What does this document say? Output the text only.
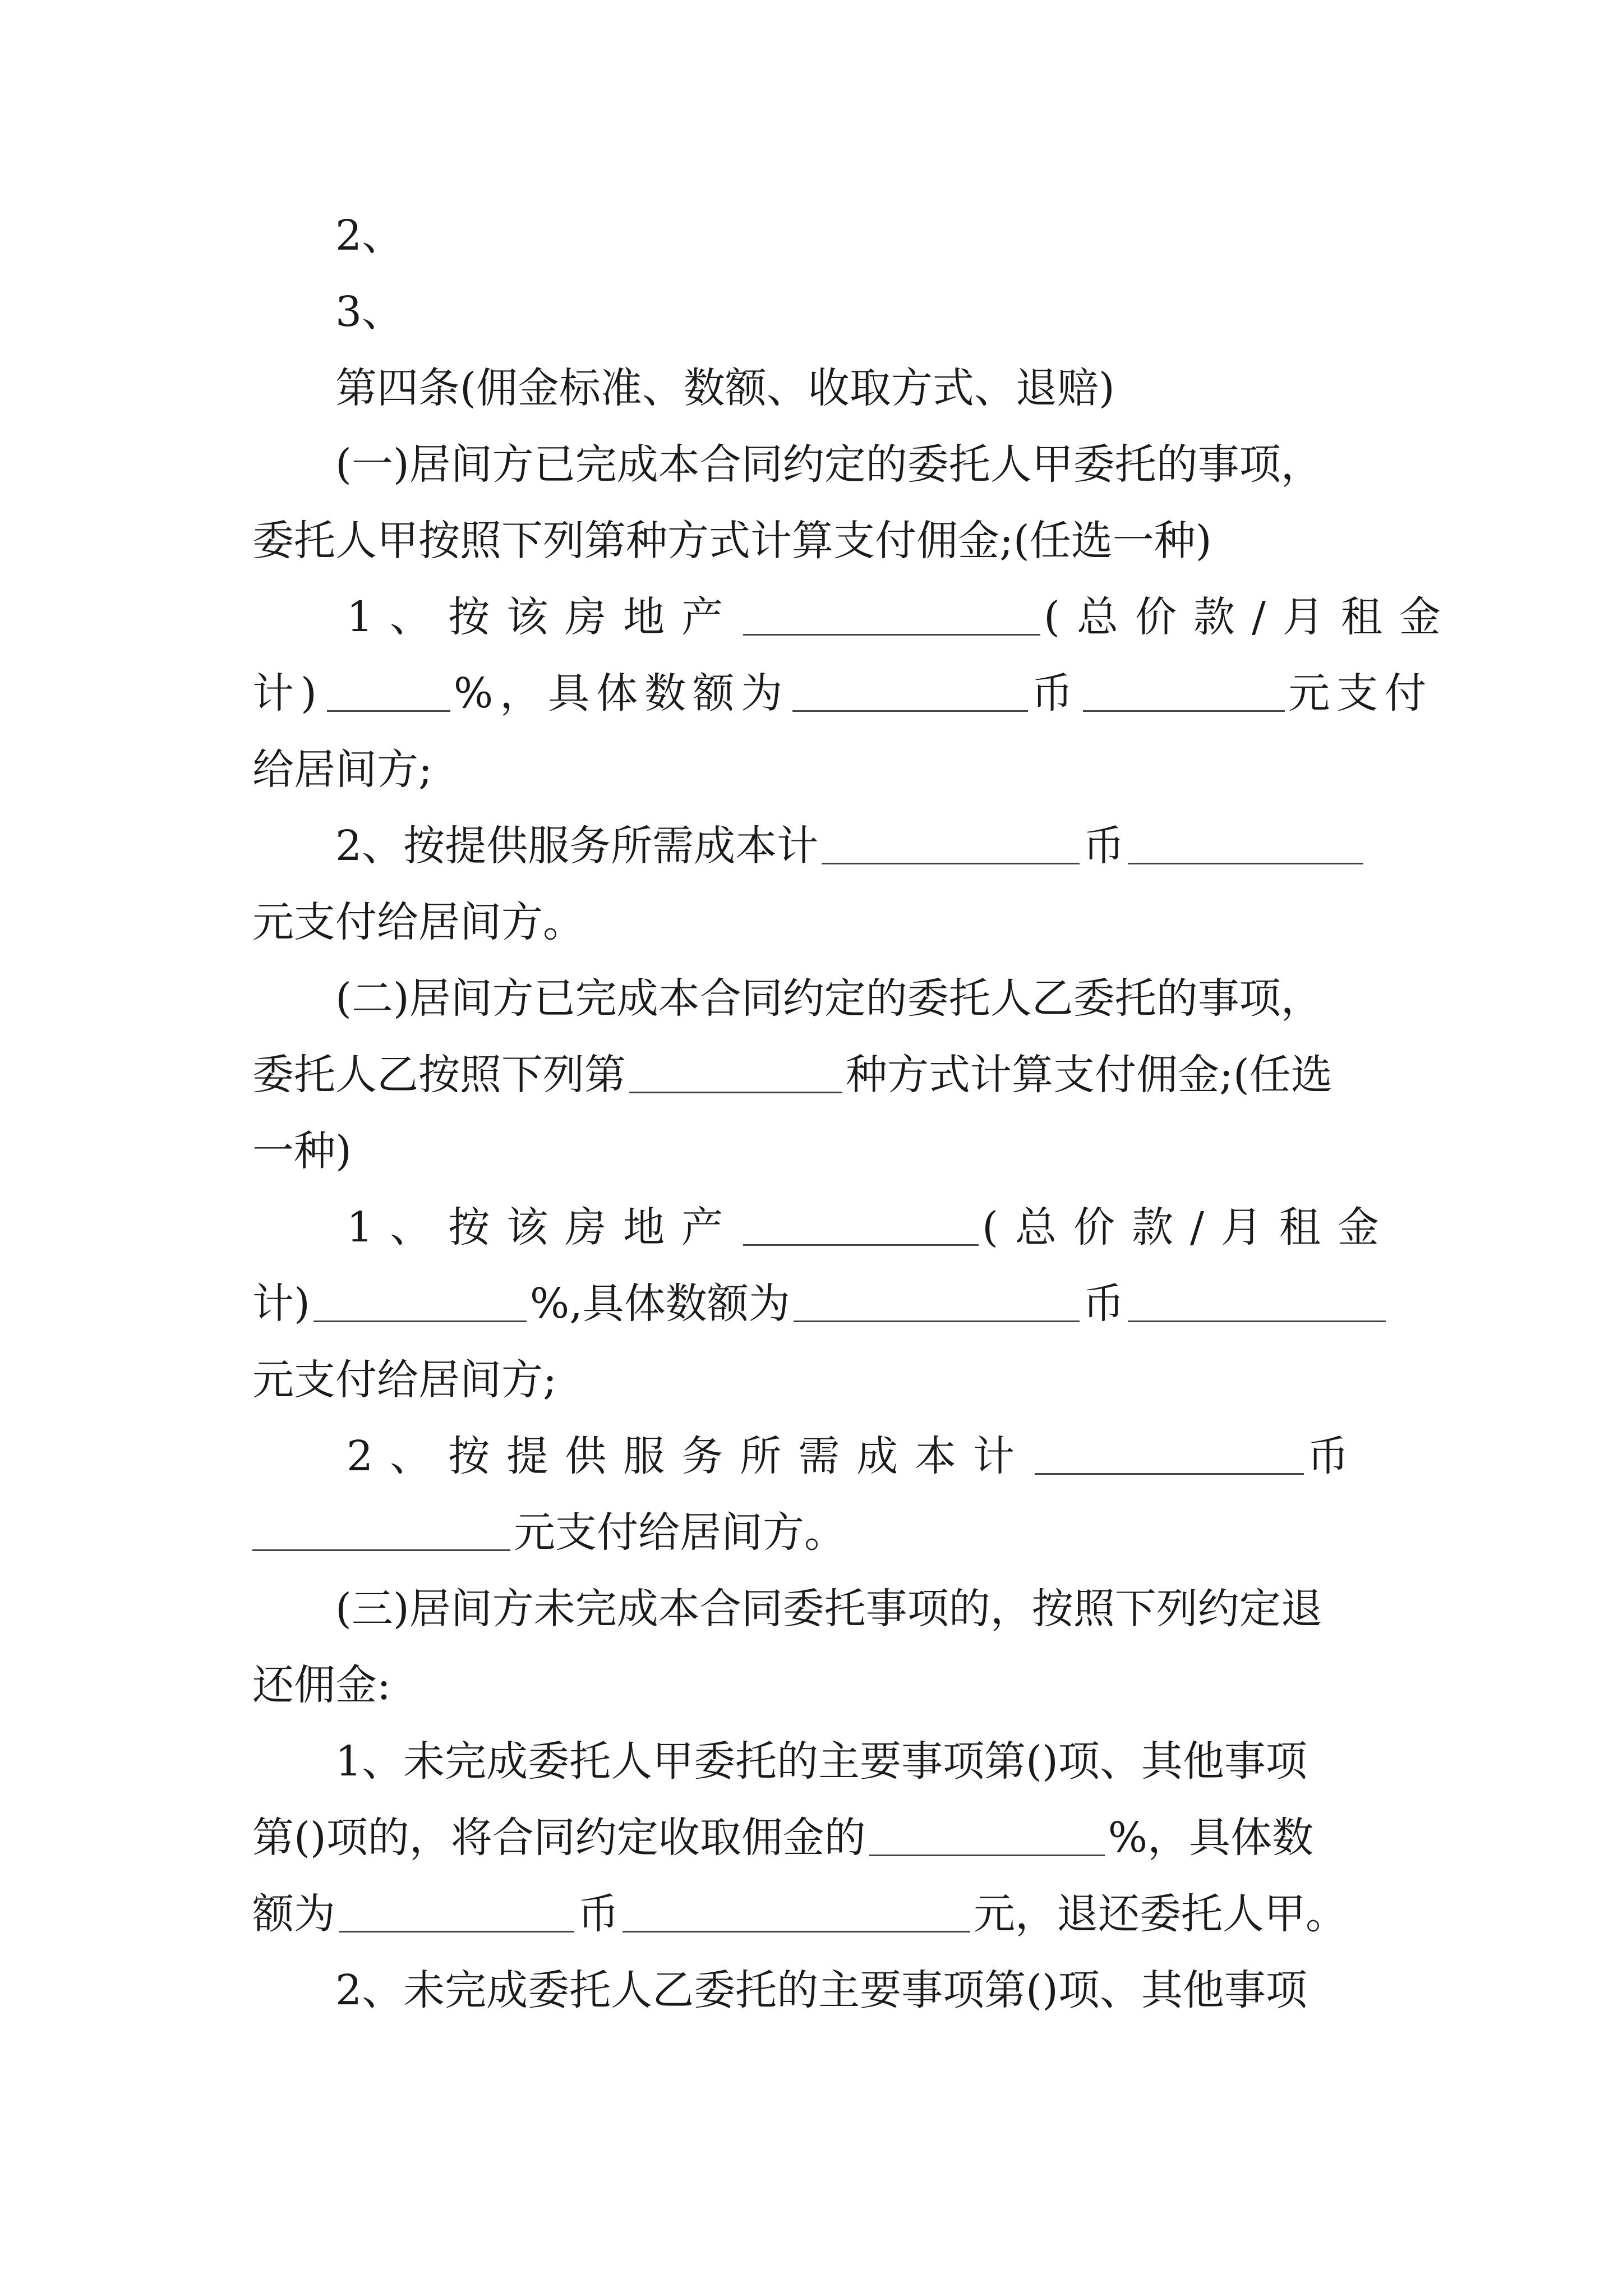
2、
3、
第四条(佣金标准、数额、收取方式、退赔)
(一)居间方已完成本合同约定的委托人甲委托的事项，
委托人甲按照下列第种方式计算支付佣金;(任选一种)
1、按该房地产	(总价款/月租金
计)	%，具体数额为	币	元支付
给居间方;
2、按提供服务所需成本计	币
元支付给居间方。
(二)居间方已完成本合同约定的委托人乙委托的事项，
委托人乙按照下列第	种方式计算支付佣金;(任选
一种)
1、按该房地产	(总价款/月租金
计)	%,具体数额为	币
元支付给居间方;
2、按提供服务所需成本计	币
元支付给居间方。
(三)居间方未完成本合同委托事项的，按照下列约定退
还佣金:
1、未完成委托人甲委托的主要事项第()项、其他事项
第()项的，将合同约定收取佣金的	%，具体数
额为	币	元，退还委托人甲。
2、未完成委托人乙委托的主要事项第()项、其他事项
